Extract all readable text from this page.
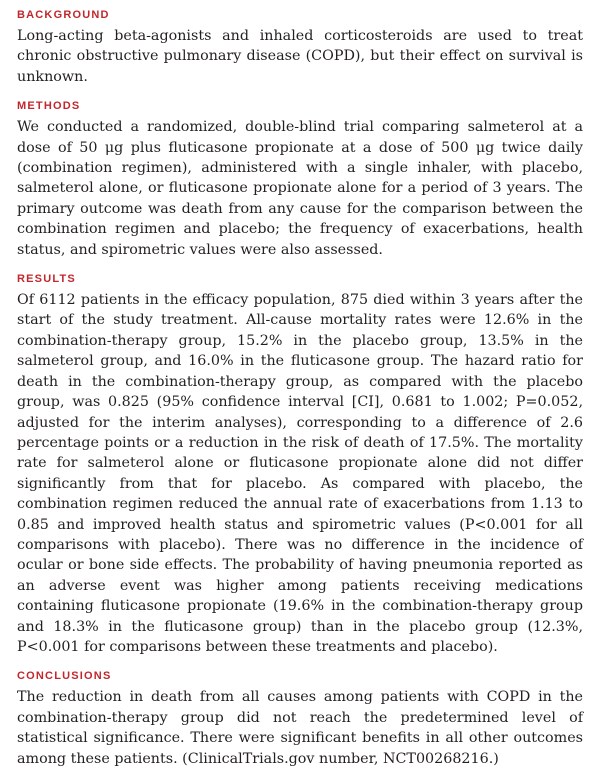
BACKGROUND

Long-acting beta-agonists and inhaled corticosteroids are used to treat chronic obstructive pulmonary disease (COPD), but their effect on survival is unknown.

METHODS

We conducted a randomized, double-blind trial comparing salmeterol at a dose of 50 μg plus fluticasone propionate at a dose of 500 μg twice daily (combination regimen), administered with a single inhaler, with placebo, salmeterol alone, or fluticasone propionate alone for a period of 3 years. The primary outcome was death from any cause for the comparison between the combination regimen and placebo; the frequency of exacerbations, health status, and spirometric values were also assessed.

RESULTS

Of 6112 patients in the efficacy population, 875 died within 3 years after the start of the study treatment. All-cause mortality rates were 12.6% in the combination-therapy group, 15.2% in the placebo group, 13.5% in the salmeterol group, and 16.0% in the fluticasone group. The hazard ratio for death in the combination-therapy group, as compared with the placebo group, was 0.825 (95% confidence interval [CI], 0.681 to 1.002; P=0.052, adjusted for the interim analyses), corresponding to a difference of 2.6 percentage points or a reduction in the risk of death of 17.5%. The mortality rate for salmeterol alone or fluticasone propionate alone did not differ significantly from that for placebo. As compared with placebo, the combination regimen reduced the annual rate of exacerbations from 1.13 to 0.85 and improved health status and spirometric values (P<0.001 for all comparisons with placebo). There was no difference in the incidence of ocular or bone side effects. The probability of having pneumonia reported as an adverse event was higher among patients receiving medications containing fluticasone propionate (19.6% in the combination-therapy group and 18.3% in the fluticasone group) than in the placebo group (12.3%, P<0.001 for comparisons between these treatments and placebo).

CONCLUSIONS

The reduction in death from all causes among patients with COPD in the combination-therapy group did not reach the predetermined level of statistical significance. There were significant benefits in all other outcomes among these patients. (ClinicalTrials.gov number, NCT00268216.)
